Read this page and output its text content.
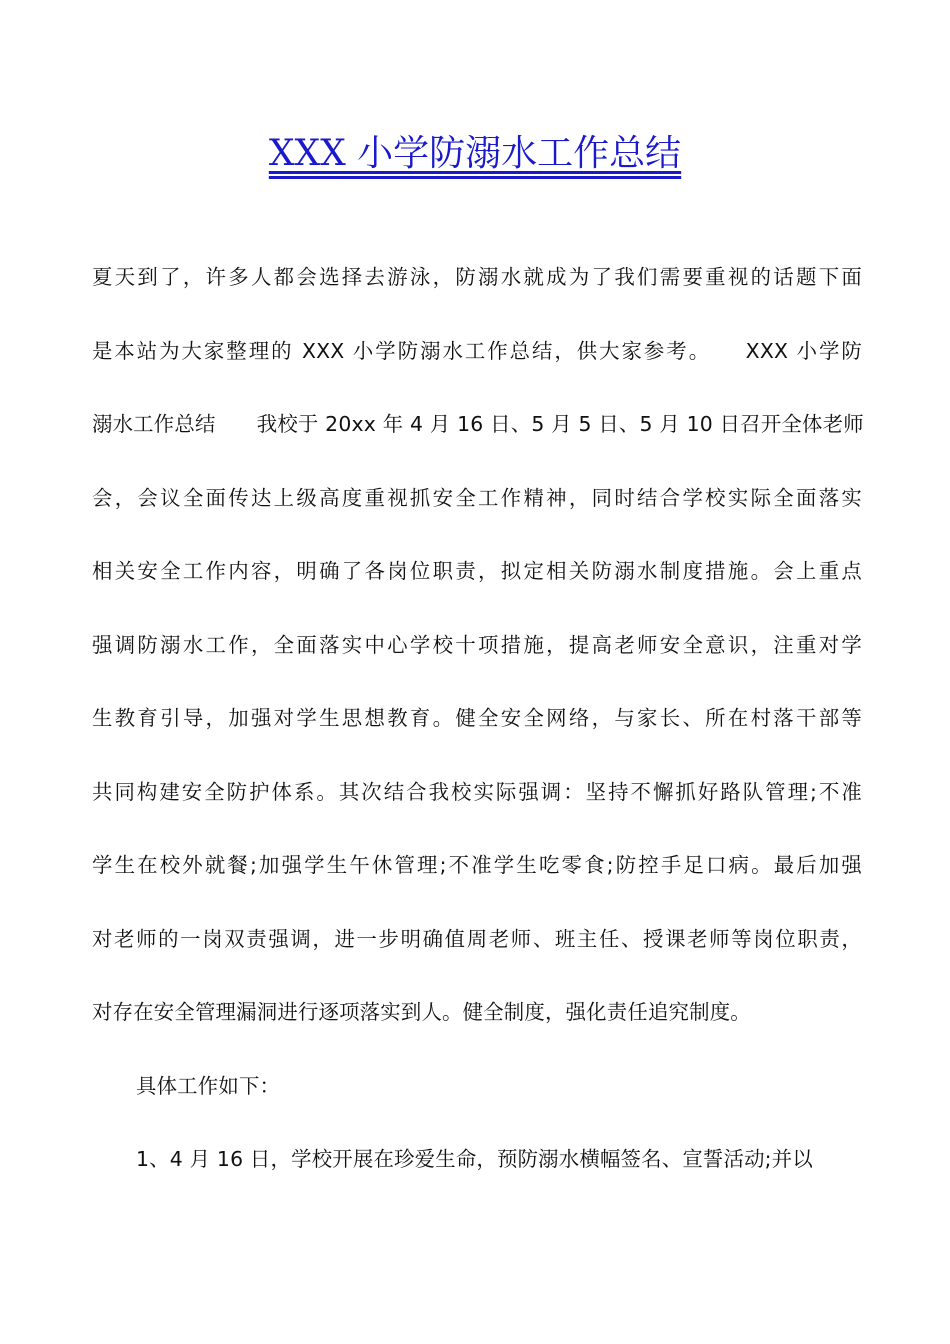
XXX 小学防溺水工作总结
夏天到了，许多人都会选择去游泳，防溺水就成为了我们需要重视的话题下面
是本站为大家整理的 XXX 小学防溺水工作总结，供大家参考。　　XXX 小学防
溺水工作总结　　我校于 20xx 年 4 月 16 日、5 月 5 日、5 月 10 日召开全体老师
会，会议全面传达上级高度重视抓安全工作精神，同时结合学校实际全面落实
相关安全工作内容，明确了各岗位职责，拟定相关防溺水制度措施。会上重点
强调防溺水工作，全面落实中心学校十项措施，提高老师安全意识，注重对学
生教育引导，加强对学生思想教育。健全安全网络，与家长、所在村落干部等
共同构建安全防护体系。其次结合我校实际强调：坚持不懈抓好路队管理;不准
学生在校外就餐;加强学生午休管理;不准学生吃零食;防控手足口病。最后加强
对老师的一岗双责强调，进一步明确值周老师、班主任、授课老师等岗位职责，
对存在安全管理漏洞进行逐项落实到人。健全制度，强化责任追究制度。
具体工作如下：
1、4 月 16 日，学校开展在珍爱生命，预防溺水横幅签名、宣誓活动;并以
